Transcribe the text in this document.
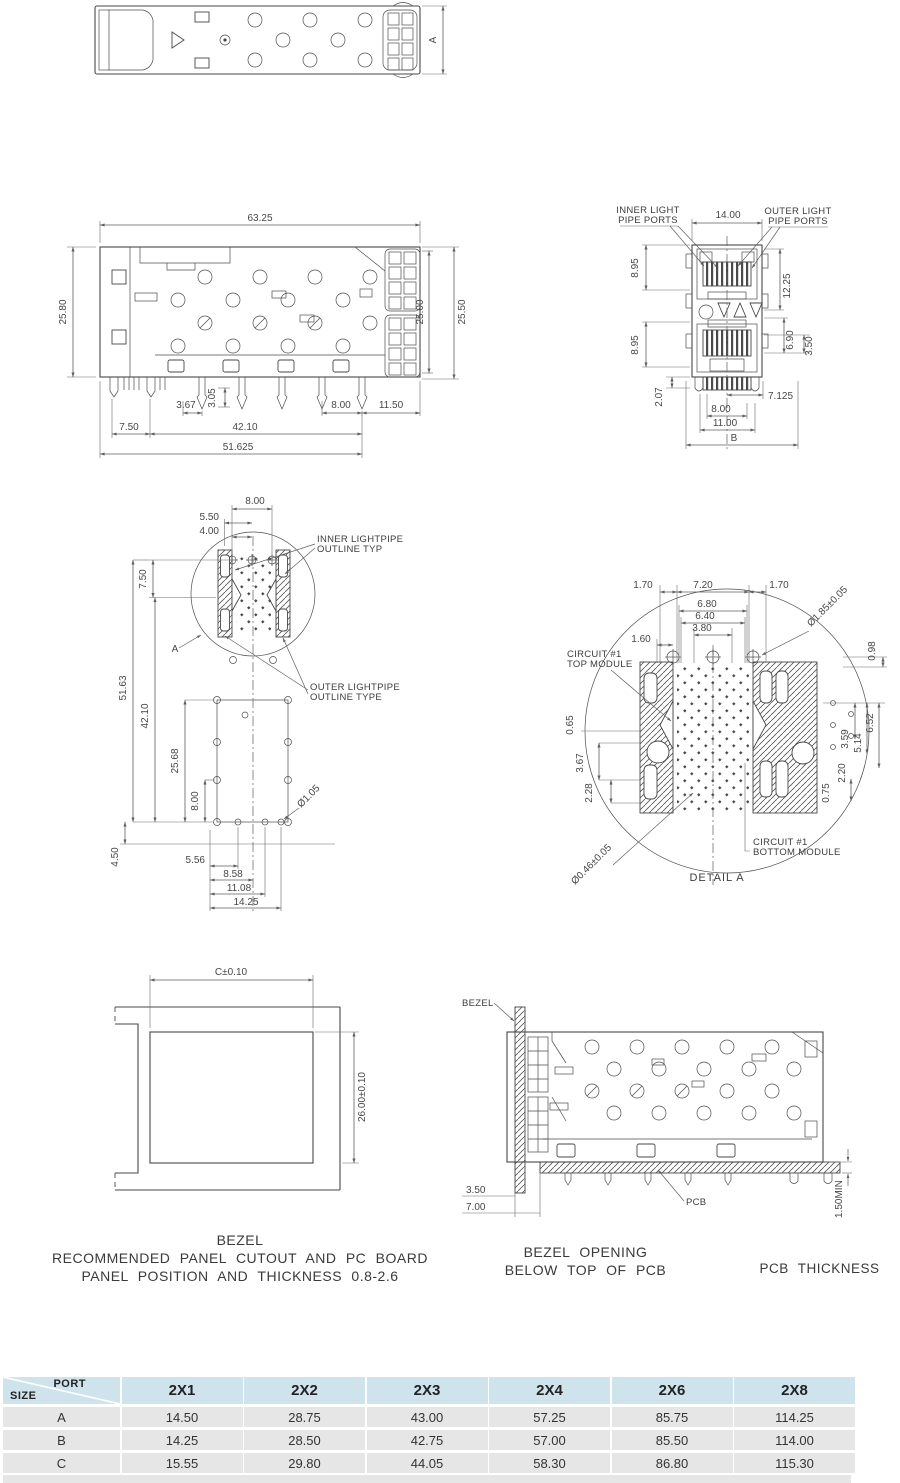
A
63.25
25.80	25.00	25.50
3.67 3.05	8.00	11.50
7.50	42.10
51.625
INNER LIGHT
PIPE PORTS
OUTER LIGHT
PIPE PORTS
14.00
8.95
8.95
12.25
6.90 3.50
2.07	7.125
8.00
11.00
B
8.00
5.50
4.00
INNER LIGHTPIPE
OUTLINE TYP
OUTER LIGHTPIPE
OUTLINE TYPE
7.50
A
51.63
42.10
25.68
8.00
4.50
Ø1.05
5.56
8.58
11.08
14.25
1.70	7.20	1.70
6.80
6.40
3.80
1.60
Ø1.85±0.05
CIRCUIT #1
TOP MODULE
0.98
3.59 5.14
6.52
2.20
0.75
0.65
3.67
2.28
Ø0.46±0.05	CIRCUIT #1
BOTTOM MODULE
DETAIL A
C±0.10
26.00±0.10
BEZEL
PCB
3.50
7.00	1.50MIN
BEZEL
RECOMMENDED PANEL CUTOUT AND PC BOARD
PANEL POSITION AND THICKNESS 0.8-2.6
BEZEL OPENING
BELOW TOP OF PCB	PCB THICKNESS
PORT
SIZE	2X1	2X2	2X3	2X4	2X6	2X8
A	14.50	28.75	43.00	57.25	85.75	114.25
B	14.25	28.50	42.75	57.00	85.50	114.00
C	15.55	29.80	44.05	58.30	86.80	115.30
